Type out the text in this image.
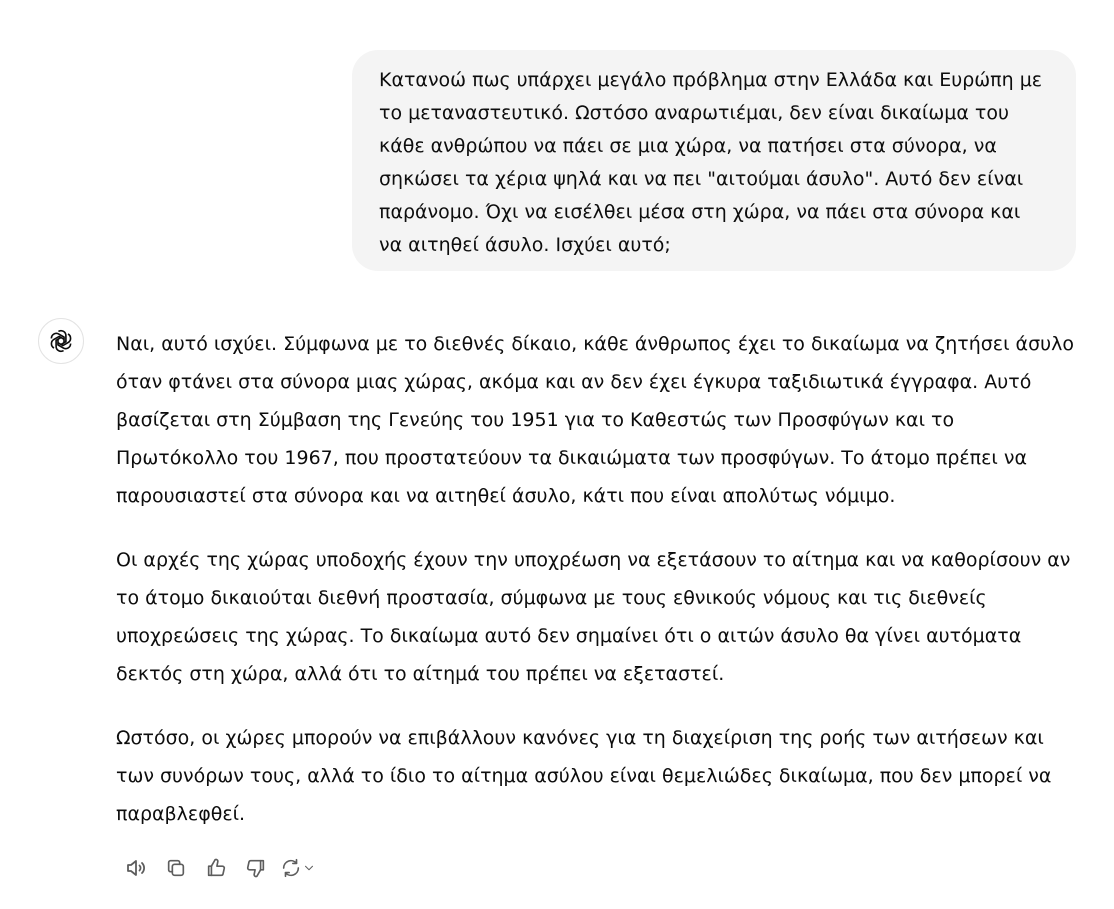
Κατανοώ πως υπάρχει μεγάλο πρόβλημα στην Ελλάδα και Ευρώπη με το μεταναστευτικό. Ωστόσο αναρωτιέμαι, δεν είναι δικαίωμα του κάθε ανθρώπου να πάει σε μια χώρα, να πατήσει στα σύνορα, να σηκώσει τα χέρια ψηλά και να πει "αιτούμαι άσυλο". Αυτό δεν είναι παράνομο. Όχι να εισέλθει μέσα στη χώρα, να πάει στα σύνορα και να αιτηθεί άσυλο. Ισχύει αυτό;

Ναι, αυτό ισχύει. Σύμφωνα με το διεθνές δίκαιο, κάθε άνθρωπος έχει το δικαίωμα να ζητήσει άσυλο όταν φτάνει στα σύνορα μιας χώρας, ακόμα και αν δεν έχει έγκυρα ταξιδιωτικά έγγραφα. Αυτό βασίζεται στη Σύμβαση της Γενεύης του 1951 για το Καθεστώς των Προσφύγων και το Πρωτόκολλο του 1967, που προστατεύουν τα δικαιώματα των προσφύγων. Το άτομο πρέπει να παρουσιαστεί στα σύνορα και να αιτηθεί άσυλο, κάτι που είναι απολύτως νόμιμο.

Οι αρχές της χώρας υποδοχής έχουν την υποχρέωση να εξετάσουν το αίτημα και να καθορίσουν αν το άτομο δικαιούται διεθνή προστασία, σύμφωνα με τους εθνικούς νόμους και τις διεθνείς υποχρεώσεις της χώρας. Το δικαίωμα αυτό δεν σημαίνει ότι ο αιτών άσυλο θα γίνει αυτόματα δεκτός στη χώρα, αλλά ότι το αίτημά του πρέπει να εξεταστεί.

Ωστόσο, οι χώρες μπορούν να επιβάλλουν κανόνες για τη διαχείριση της ροής των αιτήσεων και των συνόρων τους, αλλά το ίδιο το αίτημα ασύλου είναι θεμελιώδες δικαίωμα, που δεν μπορεί να παραβλεφθεί.
